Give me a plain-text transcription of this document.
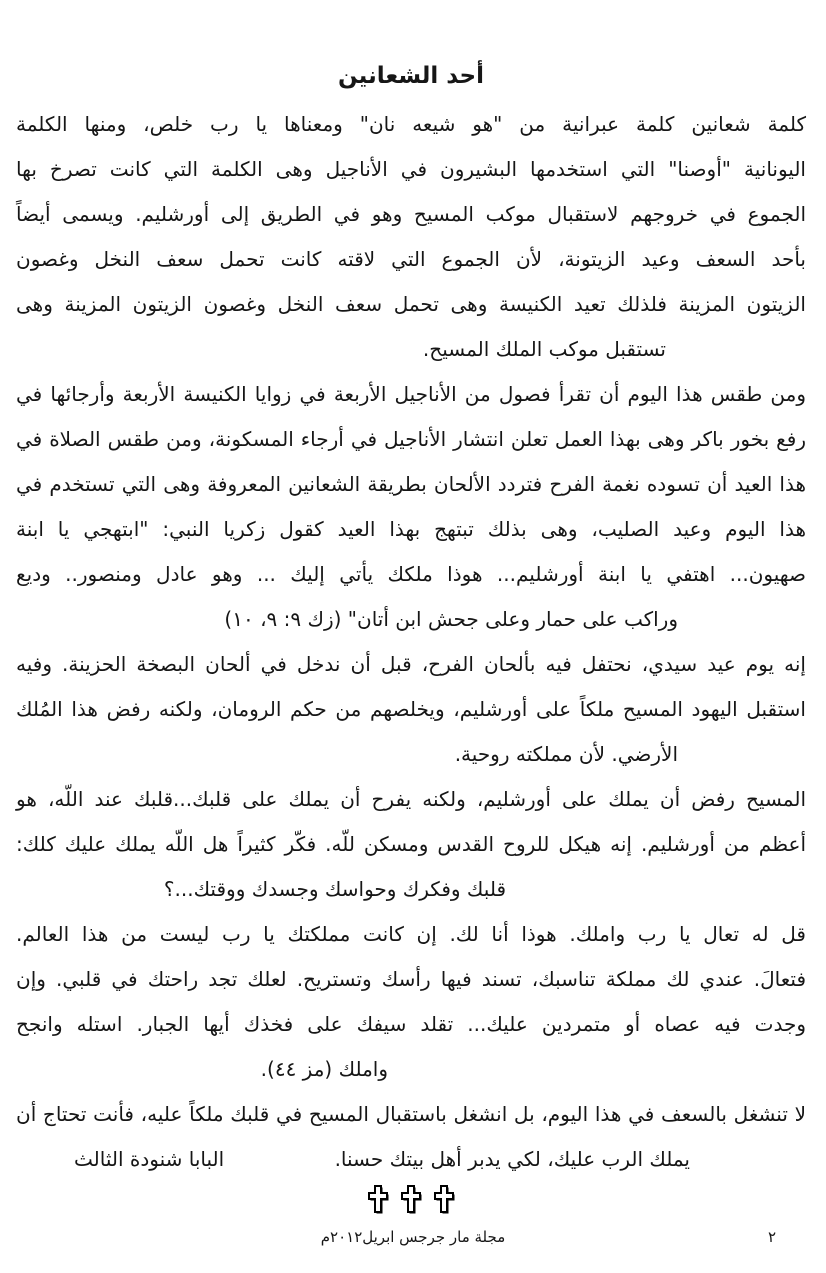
أحد الشعانين
كلمة شعانين كلمة عبرانية من "هو شيعه نان" ومعناها يا رب خلص، ومنها الكلمة
اليونانية "أوصنا" التي استخدمها البشيرون في الأناجيل وهى الكلمة التي كانت تصرخ بها
الجموع في خروجهم لاستقبال موكب المسيح وهو في الطريق إلى أورشليم. ويسمى أيضاً
بأحد السعف وعيد الزيتونة، لأن الجموع التي لاقته كانت تحمل سعف النخل وغصون
الزيتون المزينة فلذلك تعيد الكنيسة وهى تحمل سعف النخل وغصون الزيتون المزينة وهى
تستقبل موكب الملك المسيح.
ومن طقس هذا اليوم أن تقرأ فصول من الأناجيل الأربعة في زوايا الكنيسة الأربعة وأرجائها في
رفع بخور باكر وهى بهذا العمل تعلن انتشار الأناجيل في أرجاء المسكونة، ومن طقس الصلاة في
هذا العيد أن تسوده نغمة الفرح فتردد الألحان بطريقة الشعانين المعروفة وهى التي تستخدم في
هذا اليوم وعيد الصليب، وهى بذلك تبتهج بهذا العيد كقول زكريا النبي: "ابتهجي يا ابنة
صهيون... اهتفي يا ابنة أورشليم... هوذا ملكك يأتي إليك ... وهو عادل ومنصور.. وديع
وراكب على حمار وعلى جحش ابن أتان" (زك ٩: ٩، ١٠)
إنه يوم عيد سيدي، نحتفل فيه بألحان الفرح، قبل أن ندخل في ألحان البصخة الحزينة. وفيه
استقبل اليهود المسيح ملكاً على أورشليم، ويخلصهم من حكم الرومان، ولكنه رفض هذا المُلك
الأرضي. لأن مملكته روحية.
المسيح رفض أن يملك على أورشليم، ولكنه يفرح أن يملك على قلبك...قلبك عند اللّه، هو
أعظم من أورشليم. إنه هيكل للروح القدس ومسكن للّه. فكّر كثيراً هل اللّه يملك عليك كلك:
قلبك وفكرك وحواسك وجسدك ووقتك...؟
قل له تعال يا رب واملك. هوذا أنا لك. إن كانت مملكتك يا رب ليست من هذا العالم.
فتعالَ. عندي لك مملكة تناسبك، تسند فيها رأسك وتستريح. لعلك تجد راحتك في قلبي. وإن
وجدت فيه عصاه أو متمردين عليك... تقلد سيفك على فخذك أيها الجبار. استله وانجح
واملك (مز ٤٤).
لا تنشغل بالسعف في هذا اليوم، بل انشغل باستقبال المسيح في قلبك ملكاً عليه، فأنت تحتاج أن
يملك الرب عليك، لكي يدبر أهل بيتك حسنا.
البابا شنودة الثالث

مجلة مار جرجس ابريل٢٠١٢م	٢
